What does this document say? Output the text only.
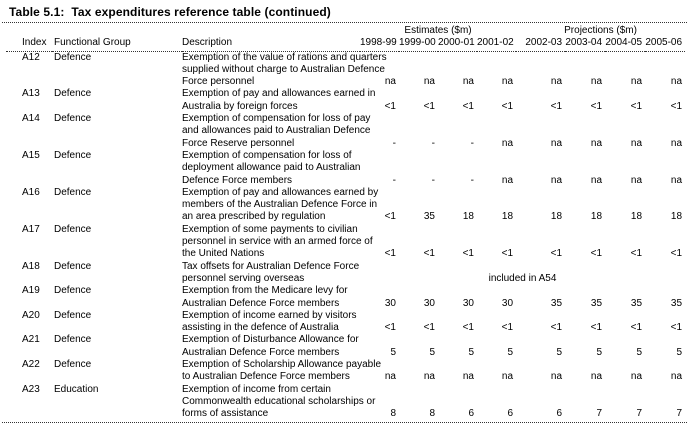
Table 5.1:  Tax expenditures reference table (continued)
			Estimates ($m)				Projections ($m)			
Index	Functional Group	Description	1998-99	1999-00	2000-01	2001-02	2002-03	2003-04	2004-05	2005-06
A12	Defence	Exemption of the value of rations and quarters
supplied without charge to Australian Defence
Force personnel	na	na	na	na	na	na	na	na
A13	Defence	Exemption of pay and allowances earned in
Australia by foreign forces	<1	<1	<1	<1	<1	<1	<1	<1
A14	Defence	Exemption of compensation for loss of pay
and allowances paid to Australian Defence
Force Reserve personnel	-	-	-	na	na	na	na	na
A15	Defence	Exemption of compensation for loss of
deployment allowance paid to Australian
Defence Force members	-	-	-	na	na	na	na	na
A16	Defence	Exemption of pay and allowances earned by
members of the Australian Defence Force in
an area prescribed by regulation	<1	35	18	18	18	18	18	18
A17	Defence	Exemption of some payments to civilian
personnel in service with an armed force of
the United Nations	<1	<1	<1	<1	<1	<1	<1	<1
A18	Defence	Tax offsets for Australian Defence Force
personnel serving overseas	included in A54							
A19	Defence	Exemption from the Medicare levy for
Australian Defence Force members	30	30	30	30	35	35	35	35
A20	Defence	Exemption of income earned by visitors
assisting in the defence of Australia	<1	<1	<1	<1	<1	<1	<1	<1
A21	Defence	Exemption of Disturbance Allowance for
Australian Defence Force members	5	5	5	5	5	5	5	5
A22	Defence	Exemption of Scholarship Allowance payable
to Australian Defence Force members	na	na	na	na	na	na	na	na
A23	Education	Exemption of income from certain
Commonwealth educational scholarships or
forms of assistance	8	8	6	6	6	7	7	7
